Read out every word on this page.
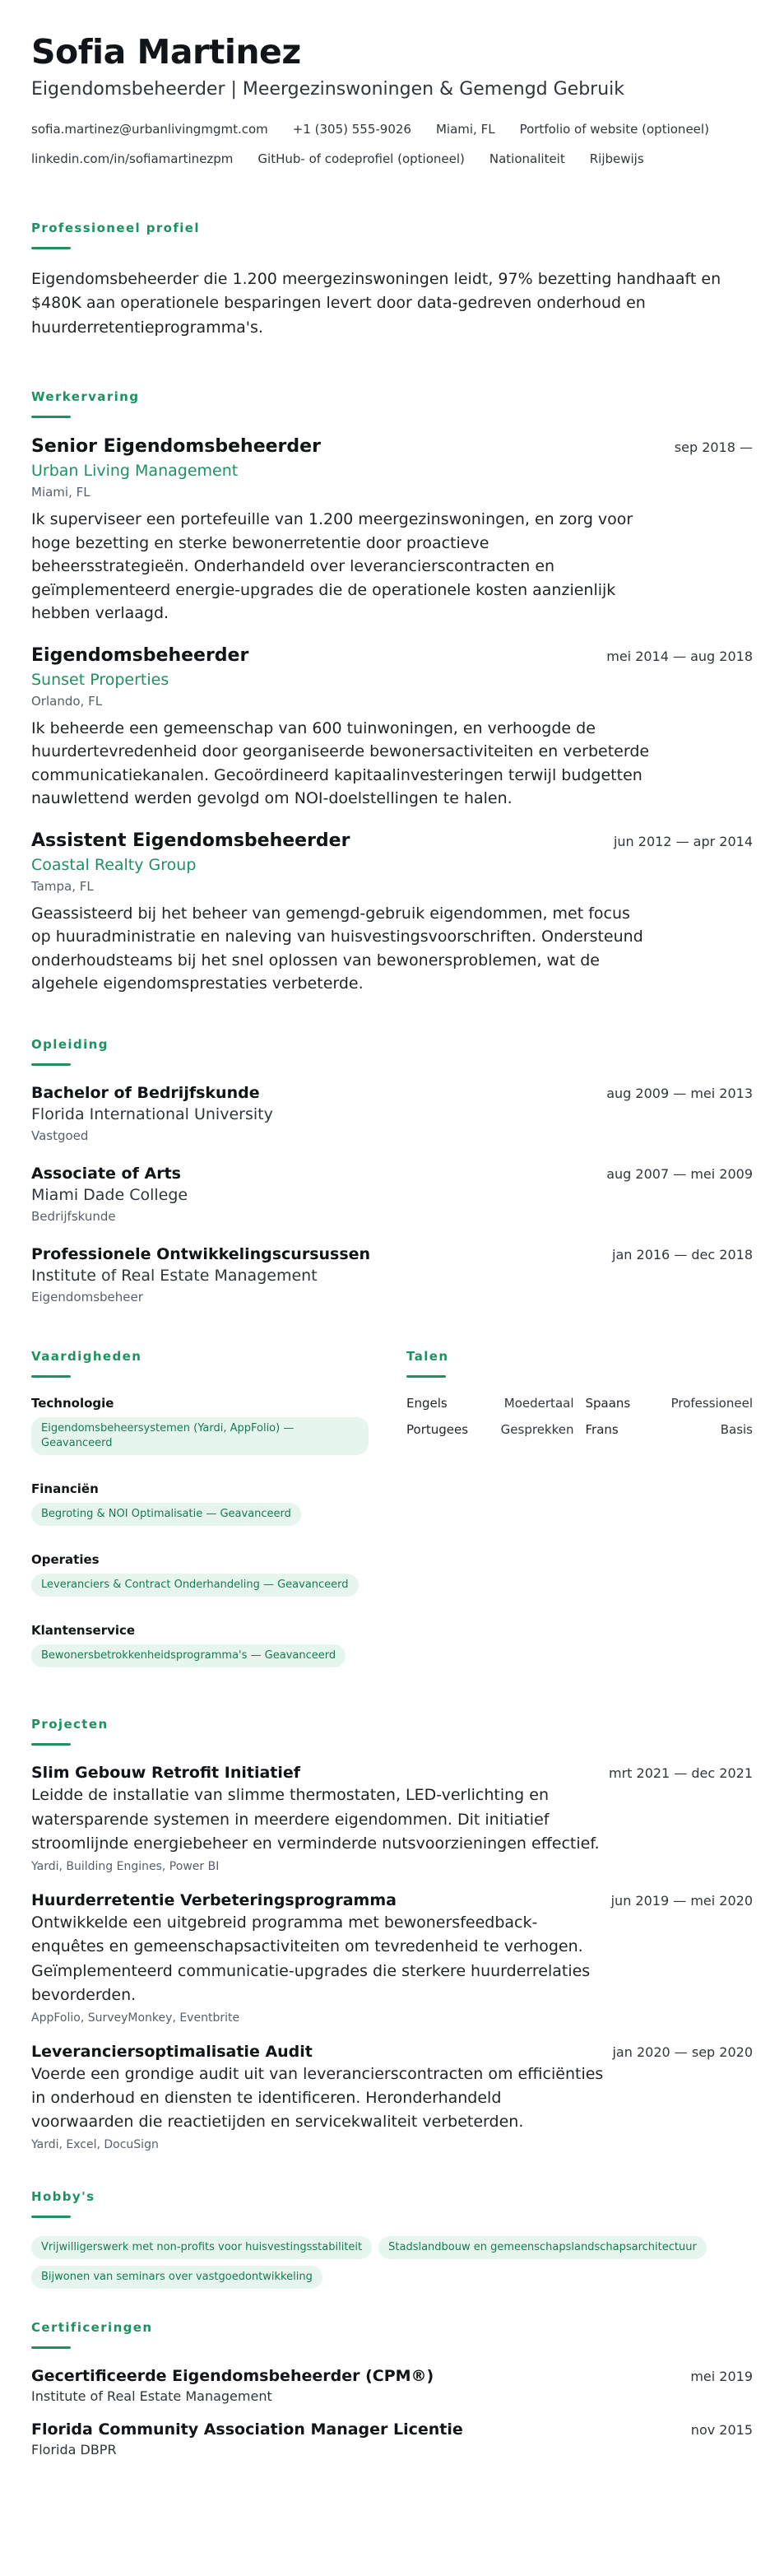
Sofia Martinez
Eigendomsbeheerder | Meergezinswoningen & Gemengd Gebruik
sofia.martinez@urbanlivingmgmt.com +1 (305) 555-9026 Miami, FL Portfolio of website (optioneel)
linkedin.com/in/sofiamartinezpm GitHub- of codeprofiel (optioneel) Nationaliteit Rijbewijs
Professioneel profiel

Eigendomsbeheerder die 1.200 meergezinswoningen leidt, 97% bezetting handhaaft en $480K aan operationele besparingen levert door data-gedreven onderhoud en huurderretentieprogramma's.

Werkervaring
Senior Eigendomsbeheerder	sep 2018 —
Urban Living Management
Miami, FL
Ik superviseer een portefeuille van 1.200 meergezinswoningen, en zorg voor hoge bezetting en sterke bewonerretentie door proactieve beheersstrategieën. Onderhandeld over leverancierscontracten en geïmplementeerd energie-upgrades die de operationele kosten aanzienlijk hebben verlaagd.
Eigendomsbeheerder	mei 2014 — aug 2018
Sunset Properties
Orlando, FL
Ik beheerde een gemeenschap van 600 tuinwoningen, en verhoogde de huurdertevredenheid door georganiseerde bewonersactiviteiten en verbeterde communicatiekanalen. Gecoördineerd kapitaalinvesteringen terwijl budgetten nauwlettend werden gevolgd om NOI-doelstellingen te halen.
Assistent Eigendomsbeheerder	jun 2012 — apr 2014
Coastal Realty Group
Tampa, FL
Geassisteerd bij het beheer van gemengd-gebruik eigendommen, met focus op huuradministratie en naleving van huisvestingsvoorschriften. Ondersteund onderhoudsteams bij het snel oplossen van bewonersproblemen, wat de algehele eigendomsprestaties verbeterde.
Opleiding
Bachelor of Bedrijfskunde	aug 2009 — mei 2013
Florida International University
Vastgoed
Associate of Arts	aug 2007 — mei 2009
Miami Dade College
Bedrijfskunde
Professionele Ontwikkelingscursussen	jan 2016 — dec 2018
Institute of Real Estate Management
Eigendomsbeheer
Vaardigheden
Technologie
Eigendomsbeheersystemen (Yardi, AppFolio) — Geavanceerd
Financiën
Begroting & NOI Optimalisatie — Geavanceerd
Operaties
Leveranciers & Contract Onderhandeling — Geavanceerd
Klantenservice
Bewonersbetrokkenheidsprogramma's — Geavanceerd
Talen
Engels	Moedertaal Spaans	Professioneel
Portugees	Gesprekken Frans	Basis
Projecten
Slim Gebouw Retrofit Initiatief	mrt 2021 — dec 2021
Leidde de installatie van slimme thermostaten, LED-verlichting en watersparende systemen in meerdere eigendommen. Dit initiatief stroomlijnde energiebeheer en verminderde nutsvoorzieningen effectief.
Yardi, Building Engines, Power BI
Huurderretentie Verbeteringsprogramma	jun 2019 — mei 2020
Ontwikkelde een uitgebreid programma met bewonersfeedback-enquêtes en gemeenschapsactiviteiten om tevredenheid te verhogen. Geïmplementeerd communicatie-upgrades die sterkere huurderrelaties bevorderden.
AppFolio, SurveyMonkey, Eventbrite
Leveranciersoptimalisatie Audit	jan 2020 — sep 2020
Voerde een grondige audit uit van leverancierscontracten om efficiënties in onderhoud en diensten te identificeren. Heronderhandeld voorwaarden die reactietijden en servicekwaliteit verbeterden.
Yardi, Excel, DocuSign
Hobby's
Vrijwilligerswerk met non-profits voor huisvestingsstabiliteit	Stadslandbouw en gemeenschapslandschapsarchitectuur
Bijwonen van seminars over vastgoedontwikkeling
Certificeringen
Gecertificeerde Eigendomsbeheerder (CPM®)	mei 2019
Institute of Real Estate Management
Florida Community Association Manager Licentie	nov 2015
Florida DBPR
